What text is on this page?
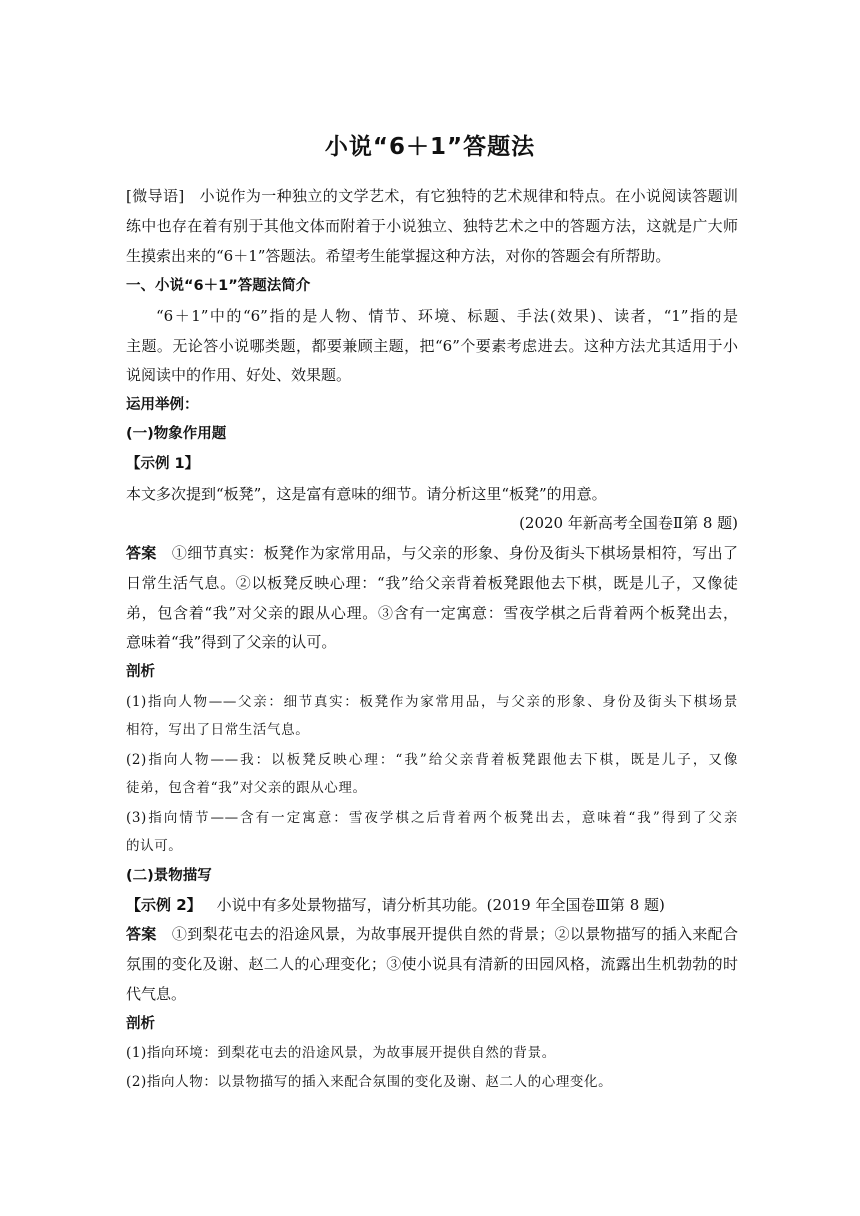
小说“6＋1”答题法
[微导语]  小说作为一种独立的文学艺术，有它独特的艺术规律和特点。在小说阅读答题训
练中也存在着有别于其他文体而附着于小说独立、独特艺术之中的答题方法，这就是广大师
生摸索出来的“6＋1”答题法。希望考生能掌握这种方法，对你的答题会有所帮助。
一、小说“6＋1”答题法简介
“6＋1”中的“6”指的是人物、情节、环境、标题、手法(效果)、读者，“1”指的是
主题。无论答小说哪类题，都要兼顾主题，把“6”个要素考虑进去。这种方法尤其适用于小
说阅读中的作用、好处、效果题。
运用举例：
(一)物象作用题
【示例 1】
本文多次提到“板凳”，这是富有意味的细节。请分析这里“板凳”的用意。
(2020 年新高考全国卷Ⅱ第 8 题)
答案  ①细节真实：板凳作为家常用品，与父亲的形象、身份及街头下棋场景相符，写出了
日常生活气息。②以板凳反映心理：“我”给父亲背着板凳跟他去下棋，既是儿子，又像徒
弟，包含着“我”对父亲的跟从心理。③含有一定寓意：雪夜学棋之后背着两个板凳出去，
意味着“我”得到了父亲的认可。
剖析
(1)指向人物——父亲：细节真实：板凳作为家常用品，与父亲的形象、身份及街头下棋场景
相符，写出了日常生活气息。
(2)指向人物——我：以板凳反映心理：“我”给父亲背着板凳跟他去下棋，既是儿子，又像
徒弟，包含着“我”对父亲的跟从心理。
(3)指向情节——含有一定寓意：雪夜学棋之后背着两个板凳出去，意味着“我”得到了父亲
的认可。
(二)景物描写
【示例 2】  小说中有多处景物描写，请分析其功能。(2019 年全国卷Ⅲ第 8 题)
答案  ①到梨花屯去的沿途风景，为故事展开提供自然的背景；②以景物描写的插入来配合
氛围的变化及谢、赵二人的心理变化；③使小说具有清新的田园风格，流露出生机勃勃的时
代气息。
剖析
(1)指向环境：到梨花屯去的沿途风景，为故事展开提供自然的背景。
(2)指向人物：以景物描写的插入来配合氛围的变化及谢、赵二人的心理变化。
